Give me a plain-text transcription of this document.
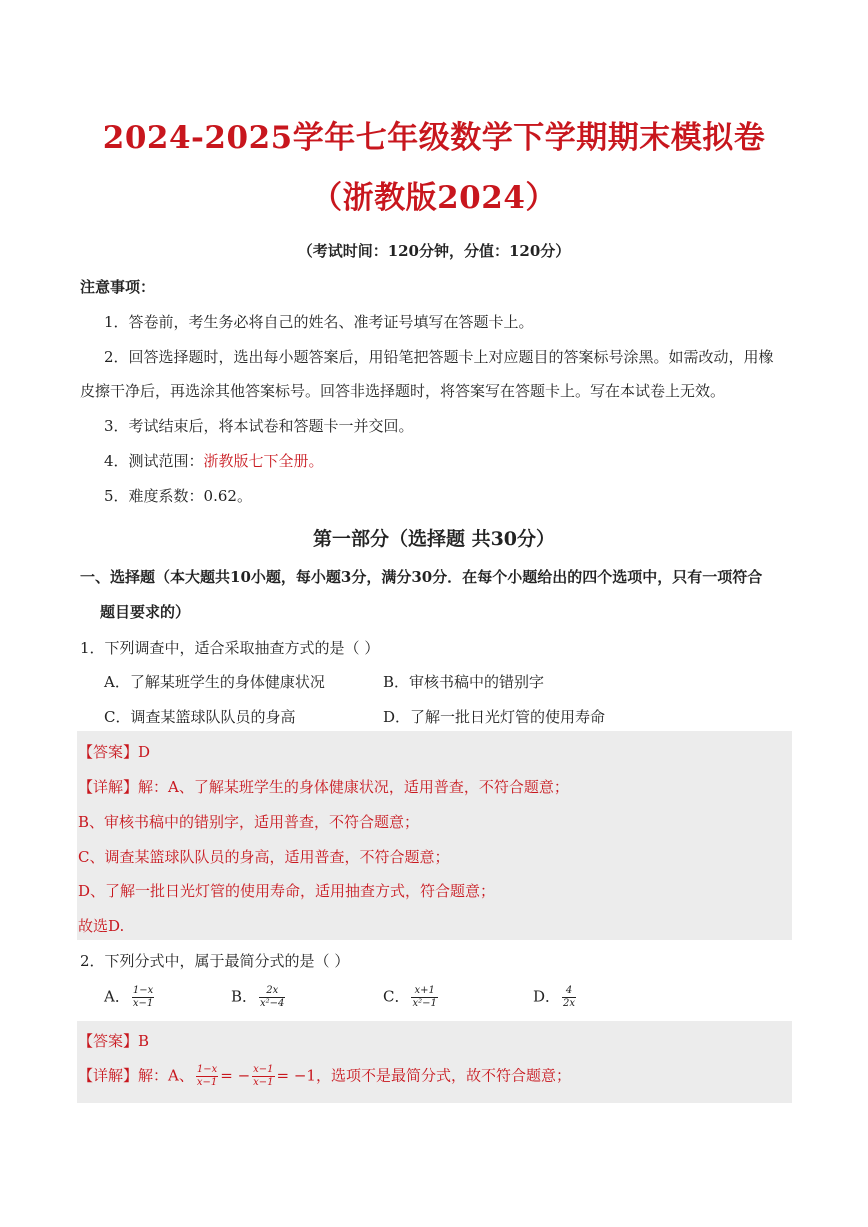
2024-2025学年七年级数学下学期期末模拟卷
（浙教版2024）
（考试时间：120分钟，分值：120分）
注意事项：
1．答卷前，考生务必将自己的姓名、准考证号填写在答题卡上。
2．回答选择题时，选出每小题答案后，用铅笔把答题卡上对应题目的答案标号涂黑。如需改动，用橡
皮擦干净后，再选涂其他答案标号。回答非选择题时，将答案写在答题卡上。写在本试卷上无效。
3．考试结束后，将本试卷和答题卡一并交回。
4．测试范围：浙教版七下全册。
5．难度系数：0.62。
第一部分（选择题 共30分）
一、选择题（本大题共10小题，每小题3分，满分30分．在每个小题给出的四个选项中，只有一项符合
题目要求的）
1．下列调查中，适合采取抽查方式的是（ ）
A．了解某班学生的身体健康状况	B．审核书稿中的错别字
C．调查某篮球队队员的身高	D．了解一批日光灯管的使用寿命
【答案】D
【详解】解：A、了解某班学生的身体健康状况，适用普查，不符合题意；
B、审核书稿中的错别字，适用普查，不符合题意；
C、调查某篮球队队员的身高，适用普查，不符合题意；
D、了解一批日光灯管的使用寿命，适用抽查方式，符合题意；
故选D.
2．下列分式中，属于最简分式的是（ ）
A． $\frac{1-x}{x-1}$	B． $\frac{2x}{\text{x²−4}}$	C． $\frac{x+1}{\text{x²−1}}$	D． $\frac{4}{2x}$
【答案】B
【详解】解：A、 $\frac{1-x}{x-1}$ = − $\frac{x-1}{x-1} = -1$，选项不是最简分式，故不符合题意；
